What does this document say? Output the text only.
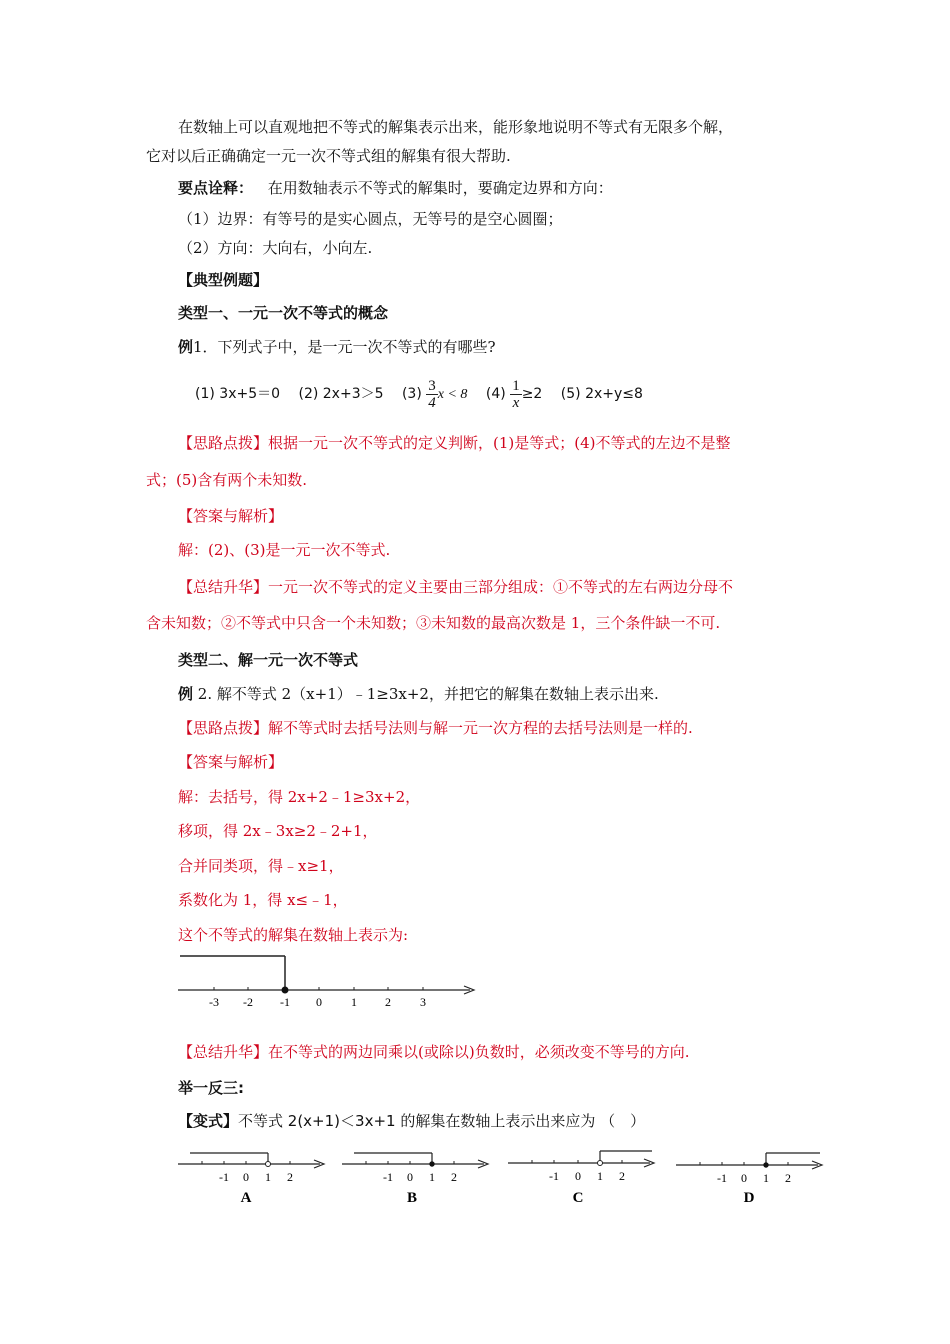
在数轴上可以直观地把不等式的解集表示出来，能形象地说明不等式有无限多个解，
它对以后正确确定一元一次不等式组的解集有很大帮助.
要点诠释： 在用数轴表示不等式的解集时，要确定边界和方向：
（1）边界：有等号的是实心圆点，无等号的是空心圆圈；
（2）方向：大向右，小向左.
【典型例题】
类型一、一元一次不等式的概念
例1．下列式子中，是一元一次不等式的有哪些?
(1) 3x+5＝0 (2) 2x+3＞5 $(3) \frac{3}{4}$ x < 8 $(4) \frac{1}{x} \ge 2$ (5) 2x+y≤8
【思路点拨】根据一元一次不等式的定义判断，(1)是等式；(4)不等式的左边不是整
式；(5)含有两个未知数.
【答案与解析】
解：(2)、(3)是一元一次不等式.
【总结升华】一元一次不等式的定义主要由三部分组成：①不等式的左右两边分母不
含未知数；②不等式中只含一个未知数；③未知数的最高次数是 1，三个条件缺一不可.
类型二、解一元一次不等式
例 2. 解不等式 2（x+1）﹣1≥3x+2，并把它的解集在数轴上表示出来.
【思路点拨】解不等式时去括号法则与解一元一次方程的去括号法则是一样的.
【答案与解析】
解：去括号，得 2x+2﹣1≥3x+2，
移项，得 2x﹣3x≥2﹣2+1，
合并同类项，得﹣x≥1，
系数化为 1，得 x≤﹣1，
这个不等式的解集在数轴上表示为:
-3 -2 -1 0 1 2 3
【总结升华】在不等式的两边同乘以(或除以)负数时，必须改变不等号的方向.
举一反三:
【变式】不等式 2(x+1)＜3x+1 的解集在数轴上表示出来应为 （　）
-1 0 1 2
A
-1 0 1 2
B
-1 0 1 2
C
-1 0 1 2
D
